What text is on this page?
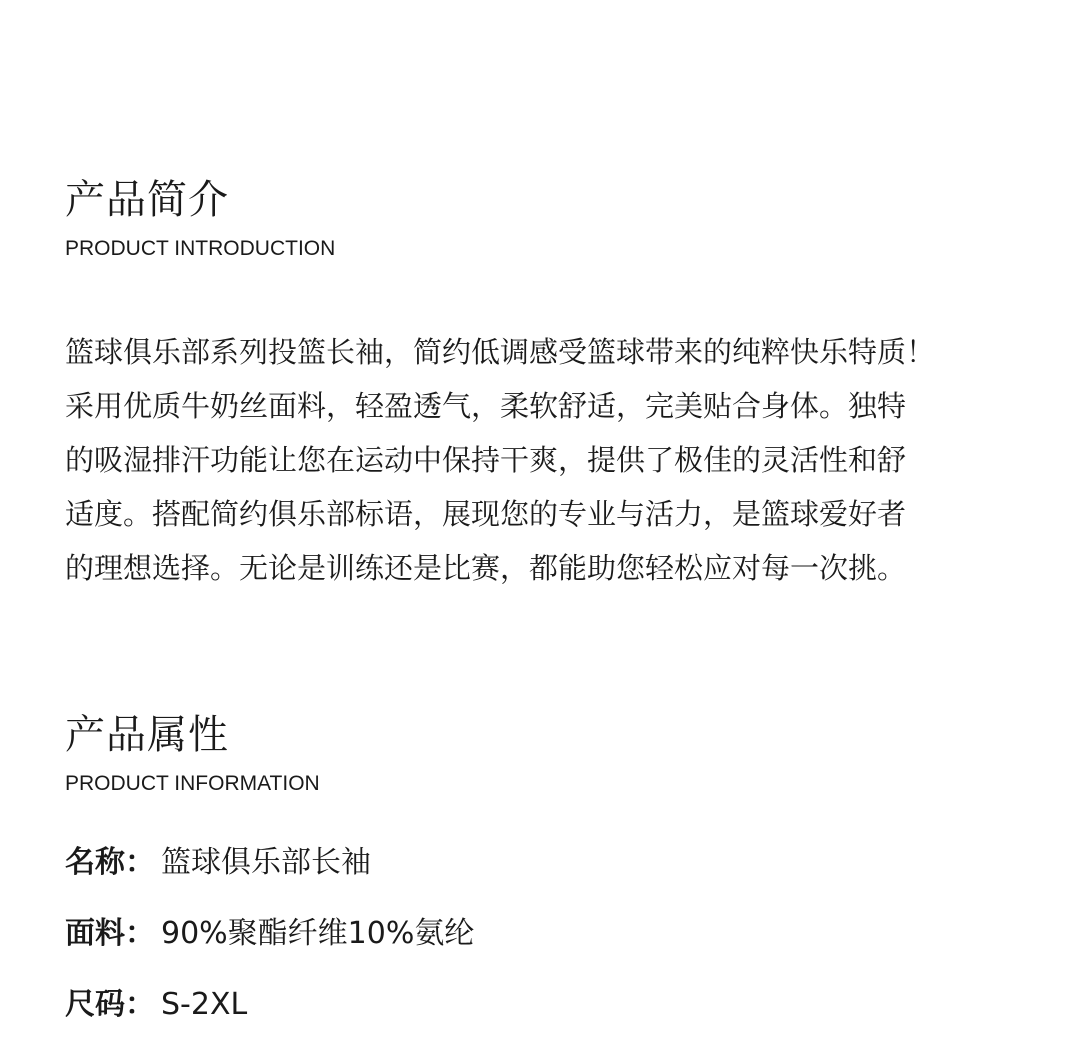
产品简介

PRODUCT INTRODUCTION

篮球俱乐部系列投篮长袖，简约低调感受篮球带来的纯粹快乐特质！
采用优质牛奶丝面料，轻盈透气，柔软舒适，完美贴合身体。独特
的吸湿排汗功能让您在运动中保持干爽，提供了极佳的灵活性和舒
适度。搭配简约俱乐部标语，展现您的专业与活力，是篮球爱好者
的理想选择。无论是训练还是比赛，都能助您轻松应对每一次挑。
产品属性

PRODUCT INFORMATION

名称： 篮球俱乐部长袖

面料： 90%聚酯纤维10%氨纶

尺码： S-2XL
